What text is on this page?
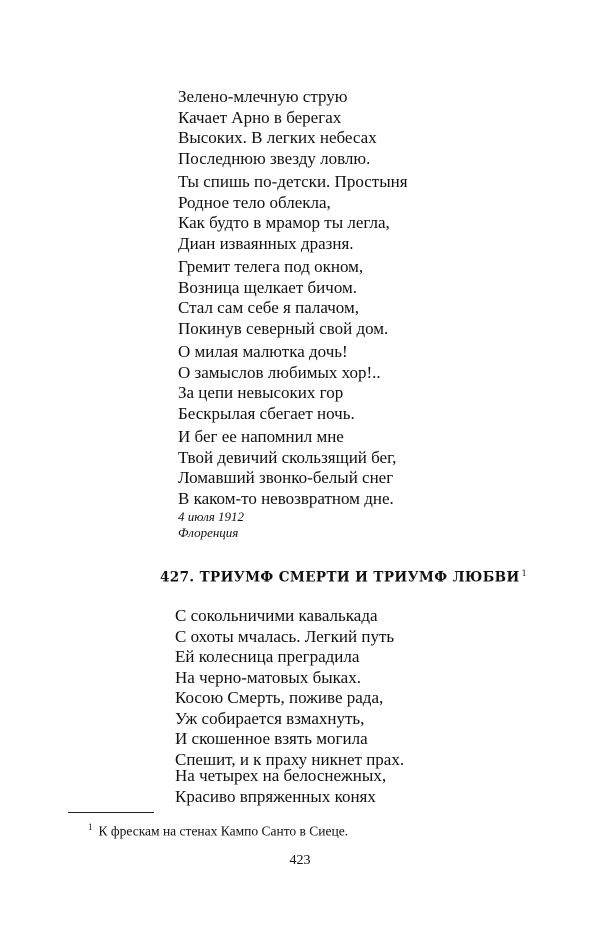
Зелено-млечную струю
Качает Арно в берегах
Высоких. В легких небесах
Последнюю звезду ловлю.
Ты спишь по-детски. Простыня
Родное тело облекла,
Как будто в мрамор ты легла,
Диан изваянных дразня.
Гремит телега под окном,
Возница щелкает бичом.
Стал сам себе я палачом,
Покинув северный свой дом.
О милая малютка дочь!
О замыслов любимых хор!..
За цепи невысоких гор
Бескрылая сбегает ночь.
И бег ее напомнил мне
Твой девичий скользящий бег,
Ломавший звонко-белый снег
В каком-то невозвратном дне.
4 июля 1912
Флоренция
427. ТРИУМФ СМЕРТИ И ТРИУМФ ЛЮБВИ $^1$
С сокольничими кавалькада
С охоты мчалась. Легкий путь
Ей колесница преградила
На черно-матовых быках.
Косою Смерть, поживе рада,
Уж собирается взмахнуть,
И скошенное взять могила
Спешит, и к праху никнет прах.
На четырех на белоснежных,
Красиво впряженных конях
$^1$ К фрескам на стенах Кампо Санто в Сиеце.
423
